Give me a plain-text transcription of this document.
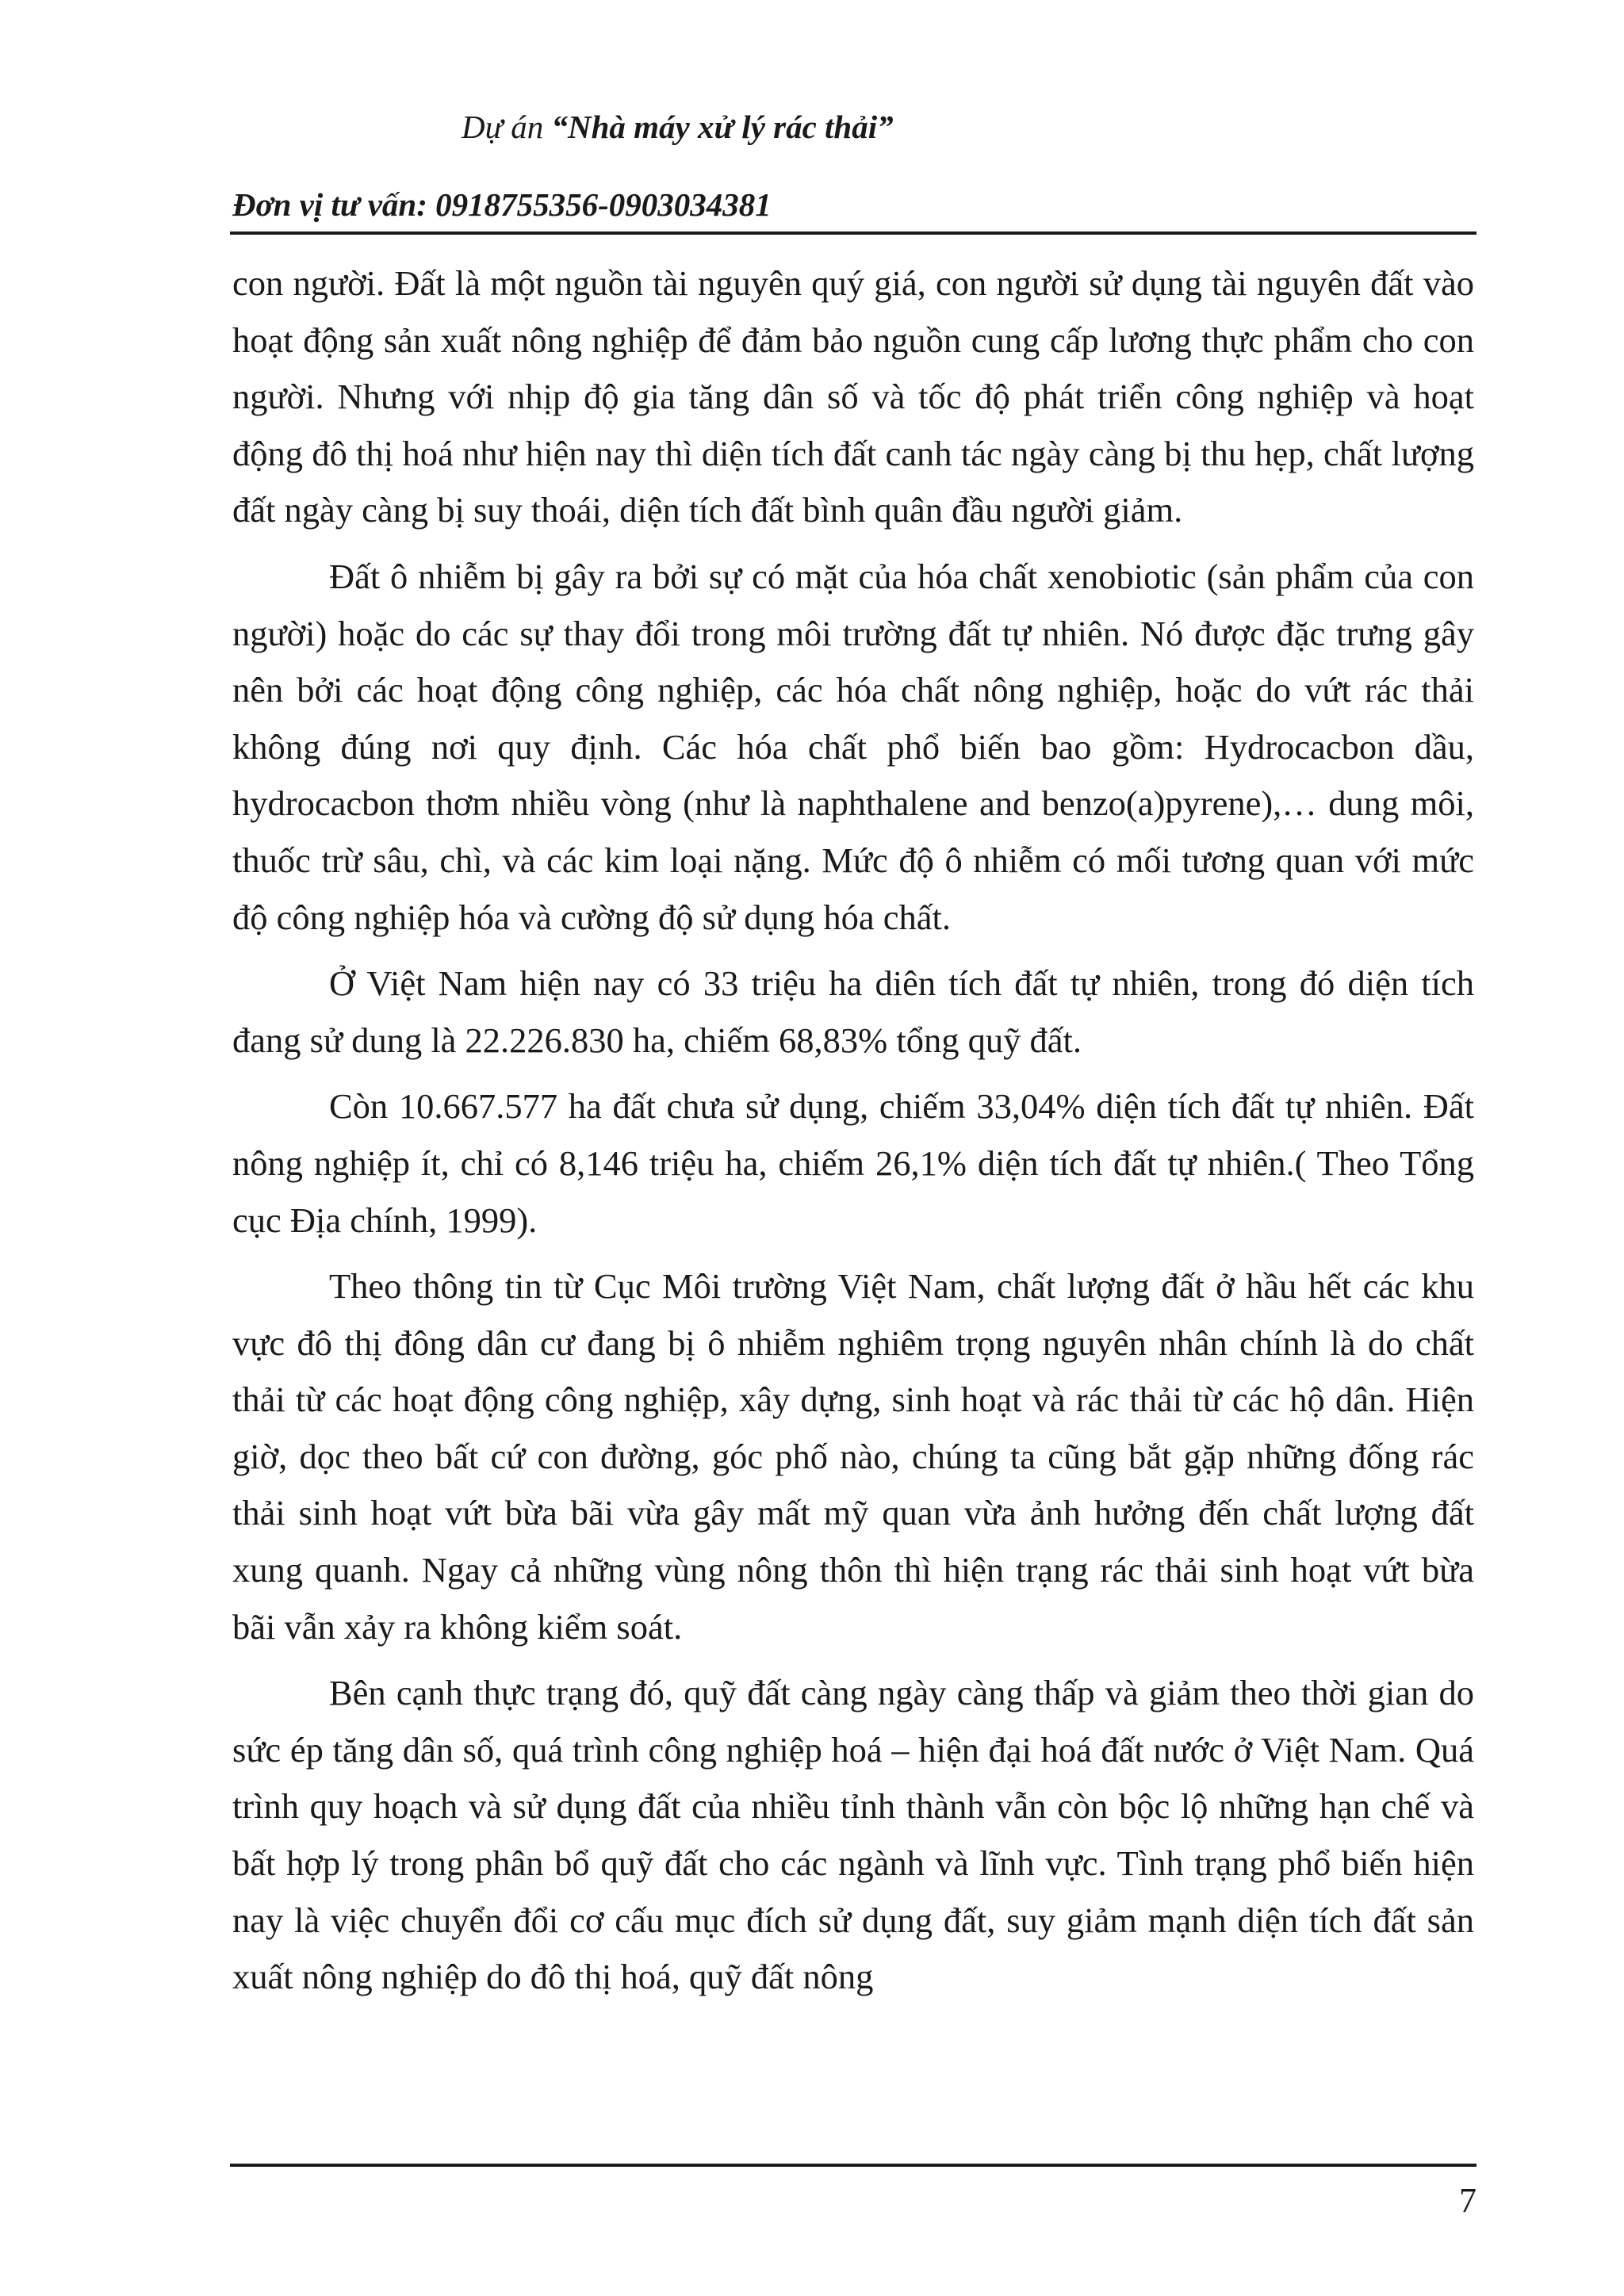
Dự án “Nhà máy xử lý rác thải”
Đơn vị tư vấn: 0918755356-0903034381

con người. Đất là một nguồn tài nguyên quý giá, con người sử dụng tài nguyên đất vào hoạt động sản xuất nông nghiệp để đảm bảo nguồn cung cấp lương thực phẩm cho con người. Nhưng với nhịp độ gia tăng dân số và tốc độ phát triển công nghiệp và hoạt động đô thị hoá như hiện nay thì diện tích đất canh tác ngày càng bị thu hẹp, chất lượng đất ngày càng bị suy thoái, diện tích đất bình quân đầu người giảm.

Đất ô nhiễm bị gây ra bởi sự có mặt của hóa chất xenobiotic (sản phẩm của con người) hoặc do các sự thay đổi trong môi trường đất tự nhiên. Nó được đặc trưng gây nên bởi các hoạt động công nghiệp, các hóa chất nông nghiệp, hoặc do vứt rác thải không đúng nơi quy định. Các hóa chất phổ biến bao gồm: Hydrocacbon dầu, hydrocacbon thơm nhiều vòng (như là naphthalene and benzo(a)pyrene),… dung môi, thuốc trừ sâu, chì, và các kim loại nặng. Mức độ ô nhiễm có mối tương quan với mức độ công nghiệp hóa và cường độ sử dụng hóa chất.

Ở Việt Nam hiện nay có 33 triệu ha diên tích đất tự nhiên, trong đó diện tích đang sử dung là 22.226.830 ha, chiếm 68,83% tổng quỹ đất.

Còn 10.667.577 ha đất chưa sử dụng, chiếm 33,04% diện tích đất tự nhiên. Đất nông nghiệp ít, chỉ có 8,146 triệu ha, chiếm 26,1% diện tích đất tự nhiên.( Theo Tổng cục Địa chính, 1999).

Theo thông tin từ Cục Môi trường Việt Nam, chất lượng đất ở hầu hết các khu vực đô thị đông dân cư đang bị ô nhiễm nghiêm trọng nguyên nhân chính là do chất thải từ các hoạt động công nghiệp, xây dựng, sinh hoạt và rác thải từ các hộ dân. Hiện giờ, dọc theo bất cứ con đường, góc phố nào, chúng ta cũng bắt gặp những đống rác thải sinh hoạt vứt bừa bãi vừa gây mất mỹ quan vừa ảnh hưởng đến chất lượng đất xung quanh. Ngay cả những vùng nông thôn thì hiện trạng rác thải sinh hoạt vứt bừa bãi vẫn xảy ra không kiểm soát.

Bên cạnh thực trạng đó, quỹ đất càng ngày càng thấp và giảm theo thời gian do sức ép tăng dân số, quá trình công nghiệp hoá – hiện đại hoá đất nước ở Việt Nam. Quá trình quy hoạch và sử dụng đất của nhiều tỉnh thành vẫn còn bộc lộ những hạn chế và bất hợp lý trong phân bổ quỹ đất cho các ngành và lĩnh vực. Tình trạng phổ biến hiện nay là việc chuyển đổi cơ cấu mục đích sử dụng đất, suy giảm mạnh diện tích đất sản xuất nông nghiệp do đô thị hoá, quỹ đất nông

7
